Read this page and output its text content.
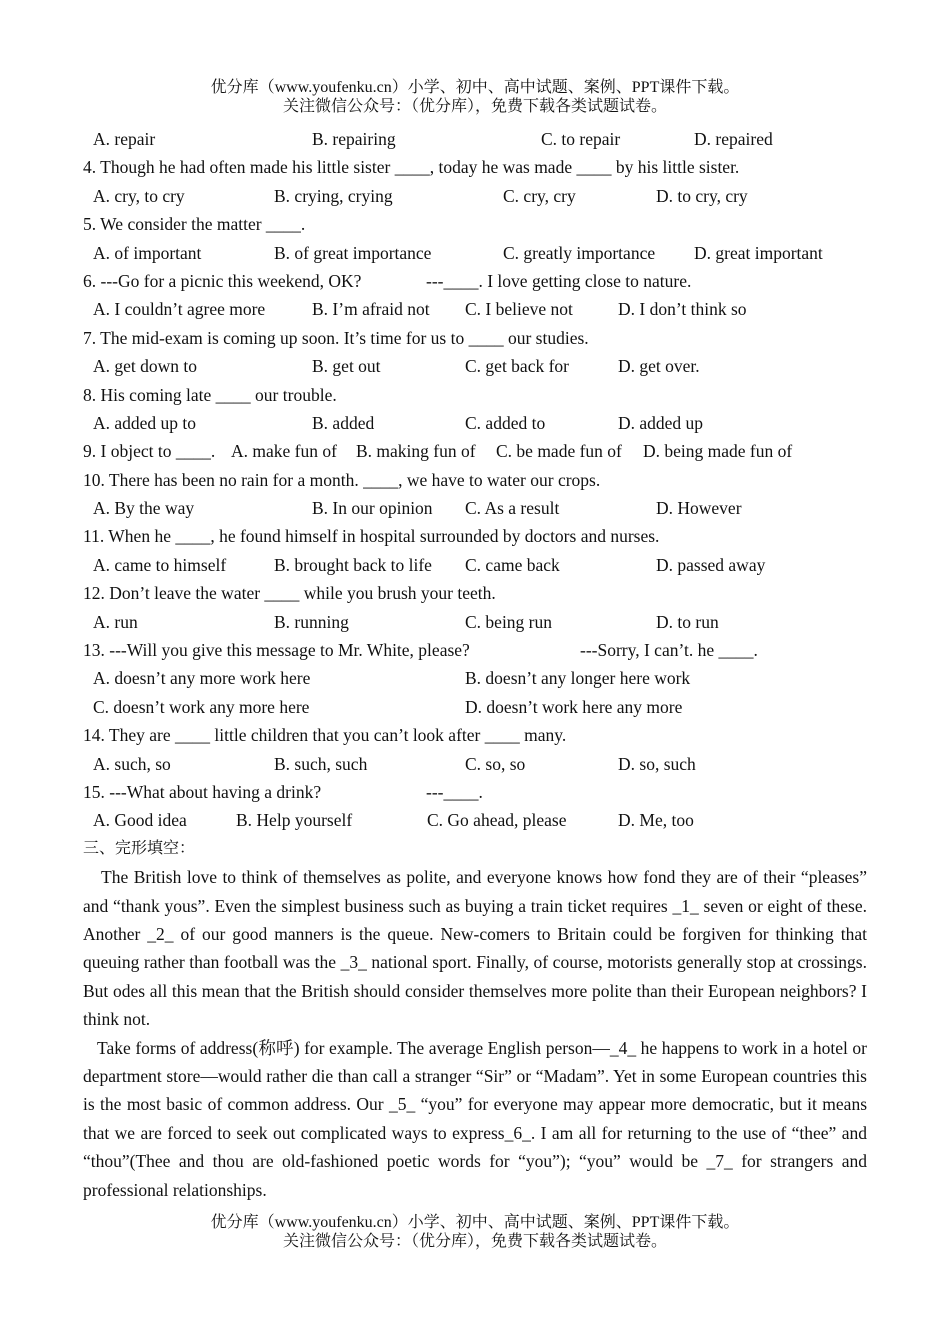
优分库（www.youfenku.cn）小学、初中、高中试题、案例、PPT课件下载。
关注微信公众号：（优分库），免费下载各类试题试卷。
A. repair	B. repairing	C. to repair	D. repaired
4. Though he had often made his little sister ____, today he was made ____ by his little sister.
A. cry, to cry	B. crying, crying	C. cry, cry	D. to cry, cry
5. We consider the matter ____.
A. of important	B. of great importance	C. greatly importance D. great important
6. ---Go for a picnic this weekend, OK?	---____. I love getting close to nature.
A. I couldn’t agree more	B. I’m afraid not C. I believe not	D. I don’t think so
7. The mid-exam is coming up soon. It’s time for us to ____ our studies.
A. get down to	B. get out	C. get back for	D. get over.
8. His coming late ____ our trouble.
A. added up to	B. added	C. added to	D. added up
9. I object to ____. A. make fun of B. making fun of C. be made fun of D. being made fun of
10. There has been no rain for a month. ____, we have to water our crops.
A. By the way	B. In our opinion C. As a result	D. However
11. When he ____, he found himself in hospital surrounded by doctors and nurses.
A. came to himself	B. brought back to life C. came back	D. passed away
12. Don’t leave the water ____ while you brush your teeth.
A. run	B. running	C. being run	D. to run
13. ---Will you give this message to Mr. White, please?	---Sorry, I can’t. he ____.
A. doesn’t any more work here	B. doesn’t any longer here work
C. doesn’t work any more here	D. doesn’t work here any more
14. They are ____ little children that you can’t look after ____ many.
A. such, so	B. such, such	C. so, so	D. so, such
15. ---What about having a drink?	---____.
A. Good idea	B. Help yourself	C. Go ahead, please	D. Me, too
三、完形填空：

The British love to think of themselves as polite, and everyone knows how fond they are of their “pleases” and “thank yous”. Even the simplest business such as buying a train ticket requires _1_ seven or eight of these. Another _2_ of our good manners is the queue. New-comers to Britain could be forgiven for thinking that queuing rather than football was the _3_ national sport. Finally, of course, motorists generally stop at crossings. But odes all this mean that the British should consider themselves more polite than their European neighbors? I think not.

Take forms of address(称呼) for example. The average English person—_4_ he happens to work in a hotel or department store—would rather die than call a stranger “Sir” or “Madam”. Yet in some European countries this is the most basic of common address. Our _5_ “you” for everyone may appear more democratic, but it means that we are forced to seek out complicated ways to express_6_. I am all for returning to the use of “thee” and “thou”(Thee and thou are old-fashioned poetic words for “you”); “you” would be _7_ for strangers and professional relationships.

优分库（www.youfenku.cn）小学、初中、高中试题、案例、PPT课件下载。
关注微信公众号：（优分库），免费下载各类试题试卷。
